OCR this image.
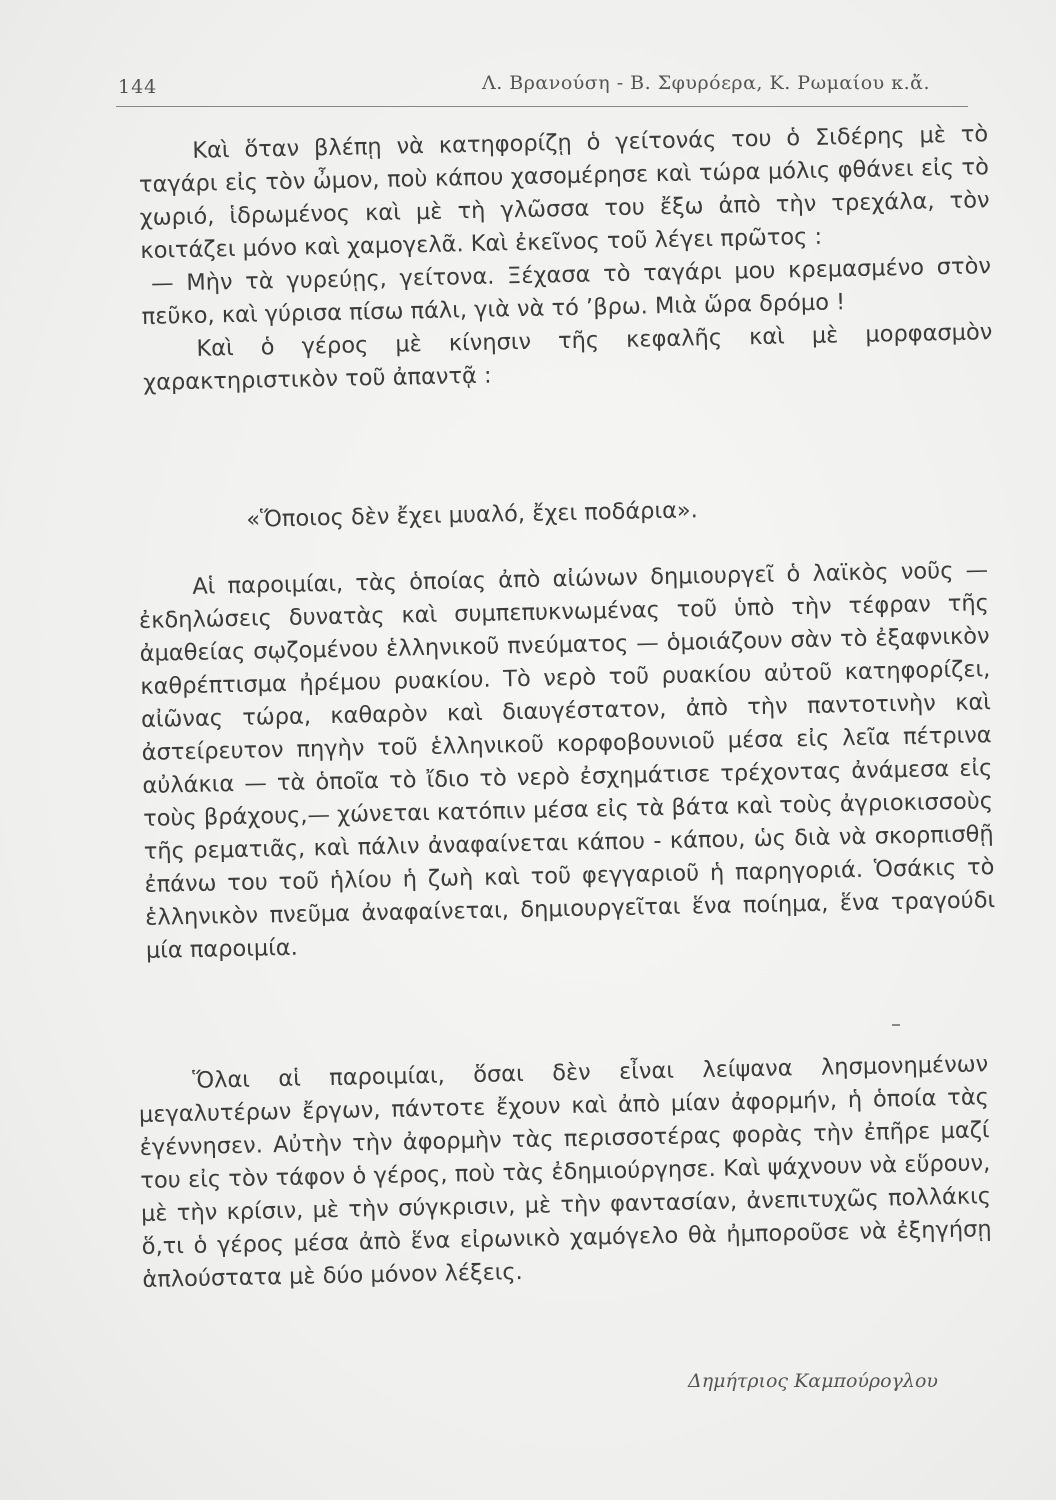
144	Λ. Βρανούση - Β. Σφυρόερα, Κ. Ρωμαίου κ.ἄ.

Καὶ ὅταν βλέπῃ νὰ κατηφορίζῃ ὁ γείτονάς του ὁ Σιδέρης μὲ τὸ ταγάρι εἰς τὸν ὦμον, ποὺ κάπου χασομέρησε καὶ τώρα μόλις φθάνει εἰς τὸ χωριό, ἱδρωμένος καὶ μὲ τὴ γλῶσσα του ἔξω ἀπὸ τὴν τρεχάλα, τὸν κοιτάζει μόνο καὶ χαμογελᾶ. Καὶ ἐκεῖνος τοῦ λέγει πρῶτος :

— Μὴν τὰ γυρεύῃς, γείτονα. Ξέχασα τὸ ταγάρι μου κρεμασμένο στὸν πεῦκο, καὶ γύρισα πίσω πάλι, γιὰ νὰ τό ’βρω. Μιὰ ὥρα δρόμο !

Καὶ ὁ γέρος μὲ κίνησιν τῆς κεφαλῆς καὶ μὲ μορφασμὸν χαρακτηριστικὸν τοῦ ἀπαντᾷ :

«Ὅποιος δὲν ἔχει μυαλό, ἔχει ποδάρια».

Αἱ παροιμίαι, τὰς ὁποίας ἀπὸ αἰώνων δημιουργεῖ ὁ λαϊκὸς νοῦς — ἐκδηλώσεις δυνατὰς καὶ συμπεπυκνωμένας τοῦ ὑπὸ τὴν τέφραν τῆς ἀμαθείας σῳζομένου ἑλληνικοῦ πνεύματος — ὁμοιάζουν σὰν τὸ ἐξαφνικὸν καθρέπτισμα ἠρέμου ρυακίου. Τὸ νερὸ τοῦ ρυακίου αὐτοῦ κατηφορίζει, αἰῶνας τώρα, καθαρὸν καὶ διαυγέστατον, ἀπὸ τὴν παντοτινὴν καὶ ἀστείρευτον πηγὴν τοῦ ἑλληνικοῦ κορφοβουνιοῦ μέσα εἰς λεῖα πέτρινα αὐλάκια — τὰ ὁποῖα τὸ ἴδιο τὸ νερὸ ἐσχημάτισε τρέχοντας ἀνάμεσα εἰς τοὺς βράχους,— χώνεται κατόπιν μέσα εἰς τὰ βάτα καὶ τοὺς ἀγριοκισσοὺς τῆς ρεματιᾶς, καὶ πάλιν ἀναφαίνεται κάπου - κάπου, ὡς διὰ νὰ σκορπισθῇ ἐπάνω του τοῦ ἡλίου ἡ ζωὴ καὶ τοῦ φεγγαριοῦ ἡ παρηγοριά. Ὁσάκις τὸ ἑλληνικὸν πνεῦμα ἀναφαίνεται, δημιουργεῖται ἕνα ποίημα, ἕνα τραγούδι μία παροιμία.

Ὅλαι αἱ παροιμίαι, ὅσαι δὲν εἶναι λείψανα λησμονημένων μεγαλυτέρων ἔργων, πάντοτε ἔχουν καὶ ἀπὸ μίαν ἀφορμήν, ἡ ὁποία τὰς ἐγέννησεν. Αὐτὴν τὴν ἀφορμὴν τὰς περισσοτέρας φορὰς τὴν ἐπῆρε μαζί του εἰς τὸν τάφον ὁ γέρος, ποὺ τὰς ἐδημιούργησε. Καὶ ψάχνουν νὰ εὕρουν, μὲ τὴν κρίσιν, μὲ τὴν σύγκρισιν, μὲ τὴν φαντασίαν, ἀνεπιτυχῶς πολλάκις ὅ,τι ὁ γέρος μέσα ἀπὸ ἕνα εἰρωνικὸ χαμόγελο θὰ ἠμποροῦσε νὰ ἐξηγήσῃ ἁπλούστατα μὲ δύο μόνον λέξεις.

Δημήτριος Καμπούρογλου
